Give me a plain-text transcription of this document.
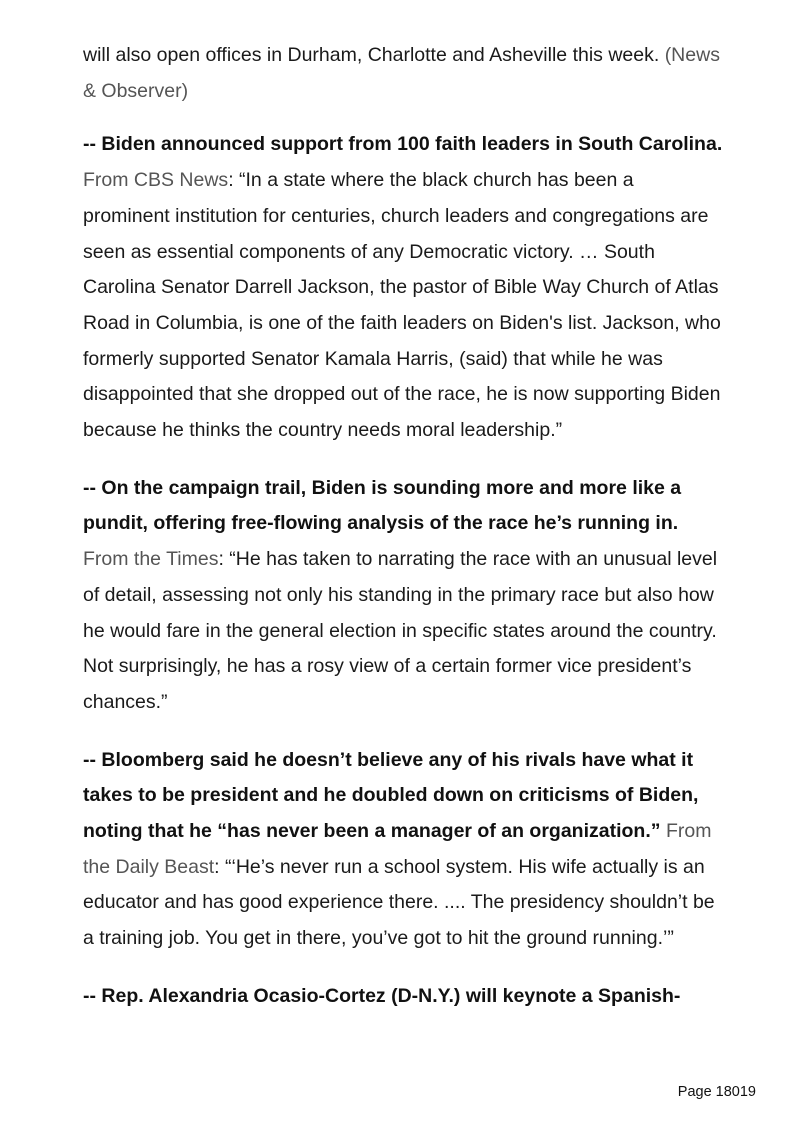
will also open offices in Durham, Charlotte and Asheville this week. (News & Observer)

-- Biden announced support from 100 faith leaders in South Carolina. From CBS News: “In a state where the black church has been a prominent institution for centuries, church leaders and congregations are seen as essential components of any Democratic victory. … South Carolina Senator Darrell Jackson, the pastor of Bible Way Church of Atlas Road in Columbia, is one of the faith leaders on Biden's list. Jackson, who formerly supported Senator Kamala Harris, (said) that while he was disappointed that she dropped out of the race, he is now supporting Biden because he thinks the country needs moral leadership.”

-- On the campaign trail, Biden is sounding more and more like a pundit, offering free-flowing analysis of the race he’s running in. From the Times: “He has taken to narrating the race with an unusual level of detail, assessing not only his standing in the primary race but also how he would fare in the general election in specific states around the country. Not surprisingly, he has a rosy view of a certain former vice president’s chances.”

-- Bloomberg said he doesn’t believe any of his rivals have what it takes to be president and he doubled down on criticisms of Biden, noting that he “has never been a manager of an organization.” From the Daily Beast: “‘He’s never run a school system. His wife actually is an educator and has good experience there. .... The presidency shouldn’t be a training job. You get in there, you’ve got to hit the ground running.’”

-- Rep. Alexandria Ocasio-Cortez (D-N.Y.) will keynote a Spanish-

Page 18019
